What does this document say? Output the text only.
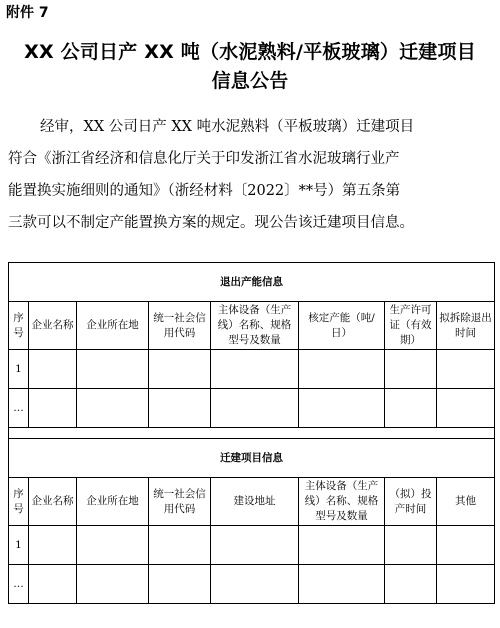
附件 7
XX 公司日产 XX 吨（水泥熟料/平板玻璃）迁建项目
信息公告
经审，XX 公司日产 XX 吨水泥熟料（平板玻璃）迁建项目
符合《浙江省经济和信息化厅关于印发浙江省水泥玻璃行业产
能置换实施细则的通知》（浙经材料〔2022〕**号）第五条第
三款可以不制定产能置换方案的规定。现公告该迁建项目信息。
退出产能信息							
序号	企业名称	企业所在地	统一社会信用代码	主体设备（生产线）名称、规格型号及数量	核定产能（吨/日）	生产许可证（有效期）	拟拆除退出时间
1							
…							

迁建项目信息							
序号	企业名称	企业所在地	统一社会信用代码	建设地址	主体设备（生产线）名称、规格型号及数量	（拟）投产时间	其他
1							
…							
